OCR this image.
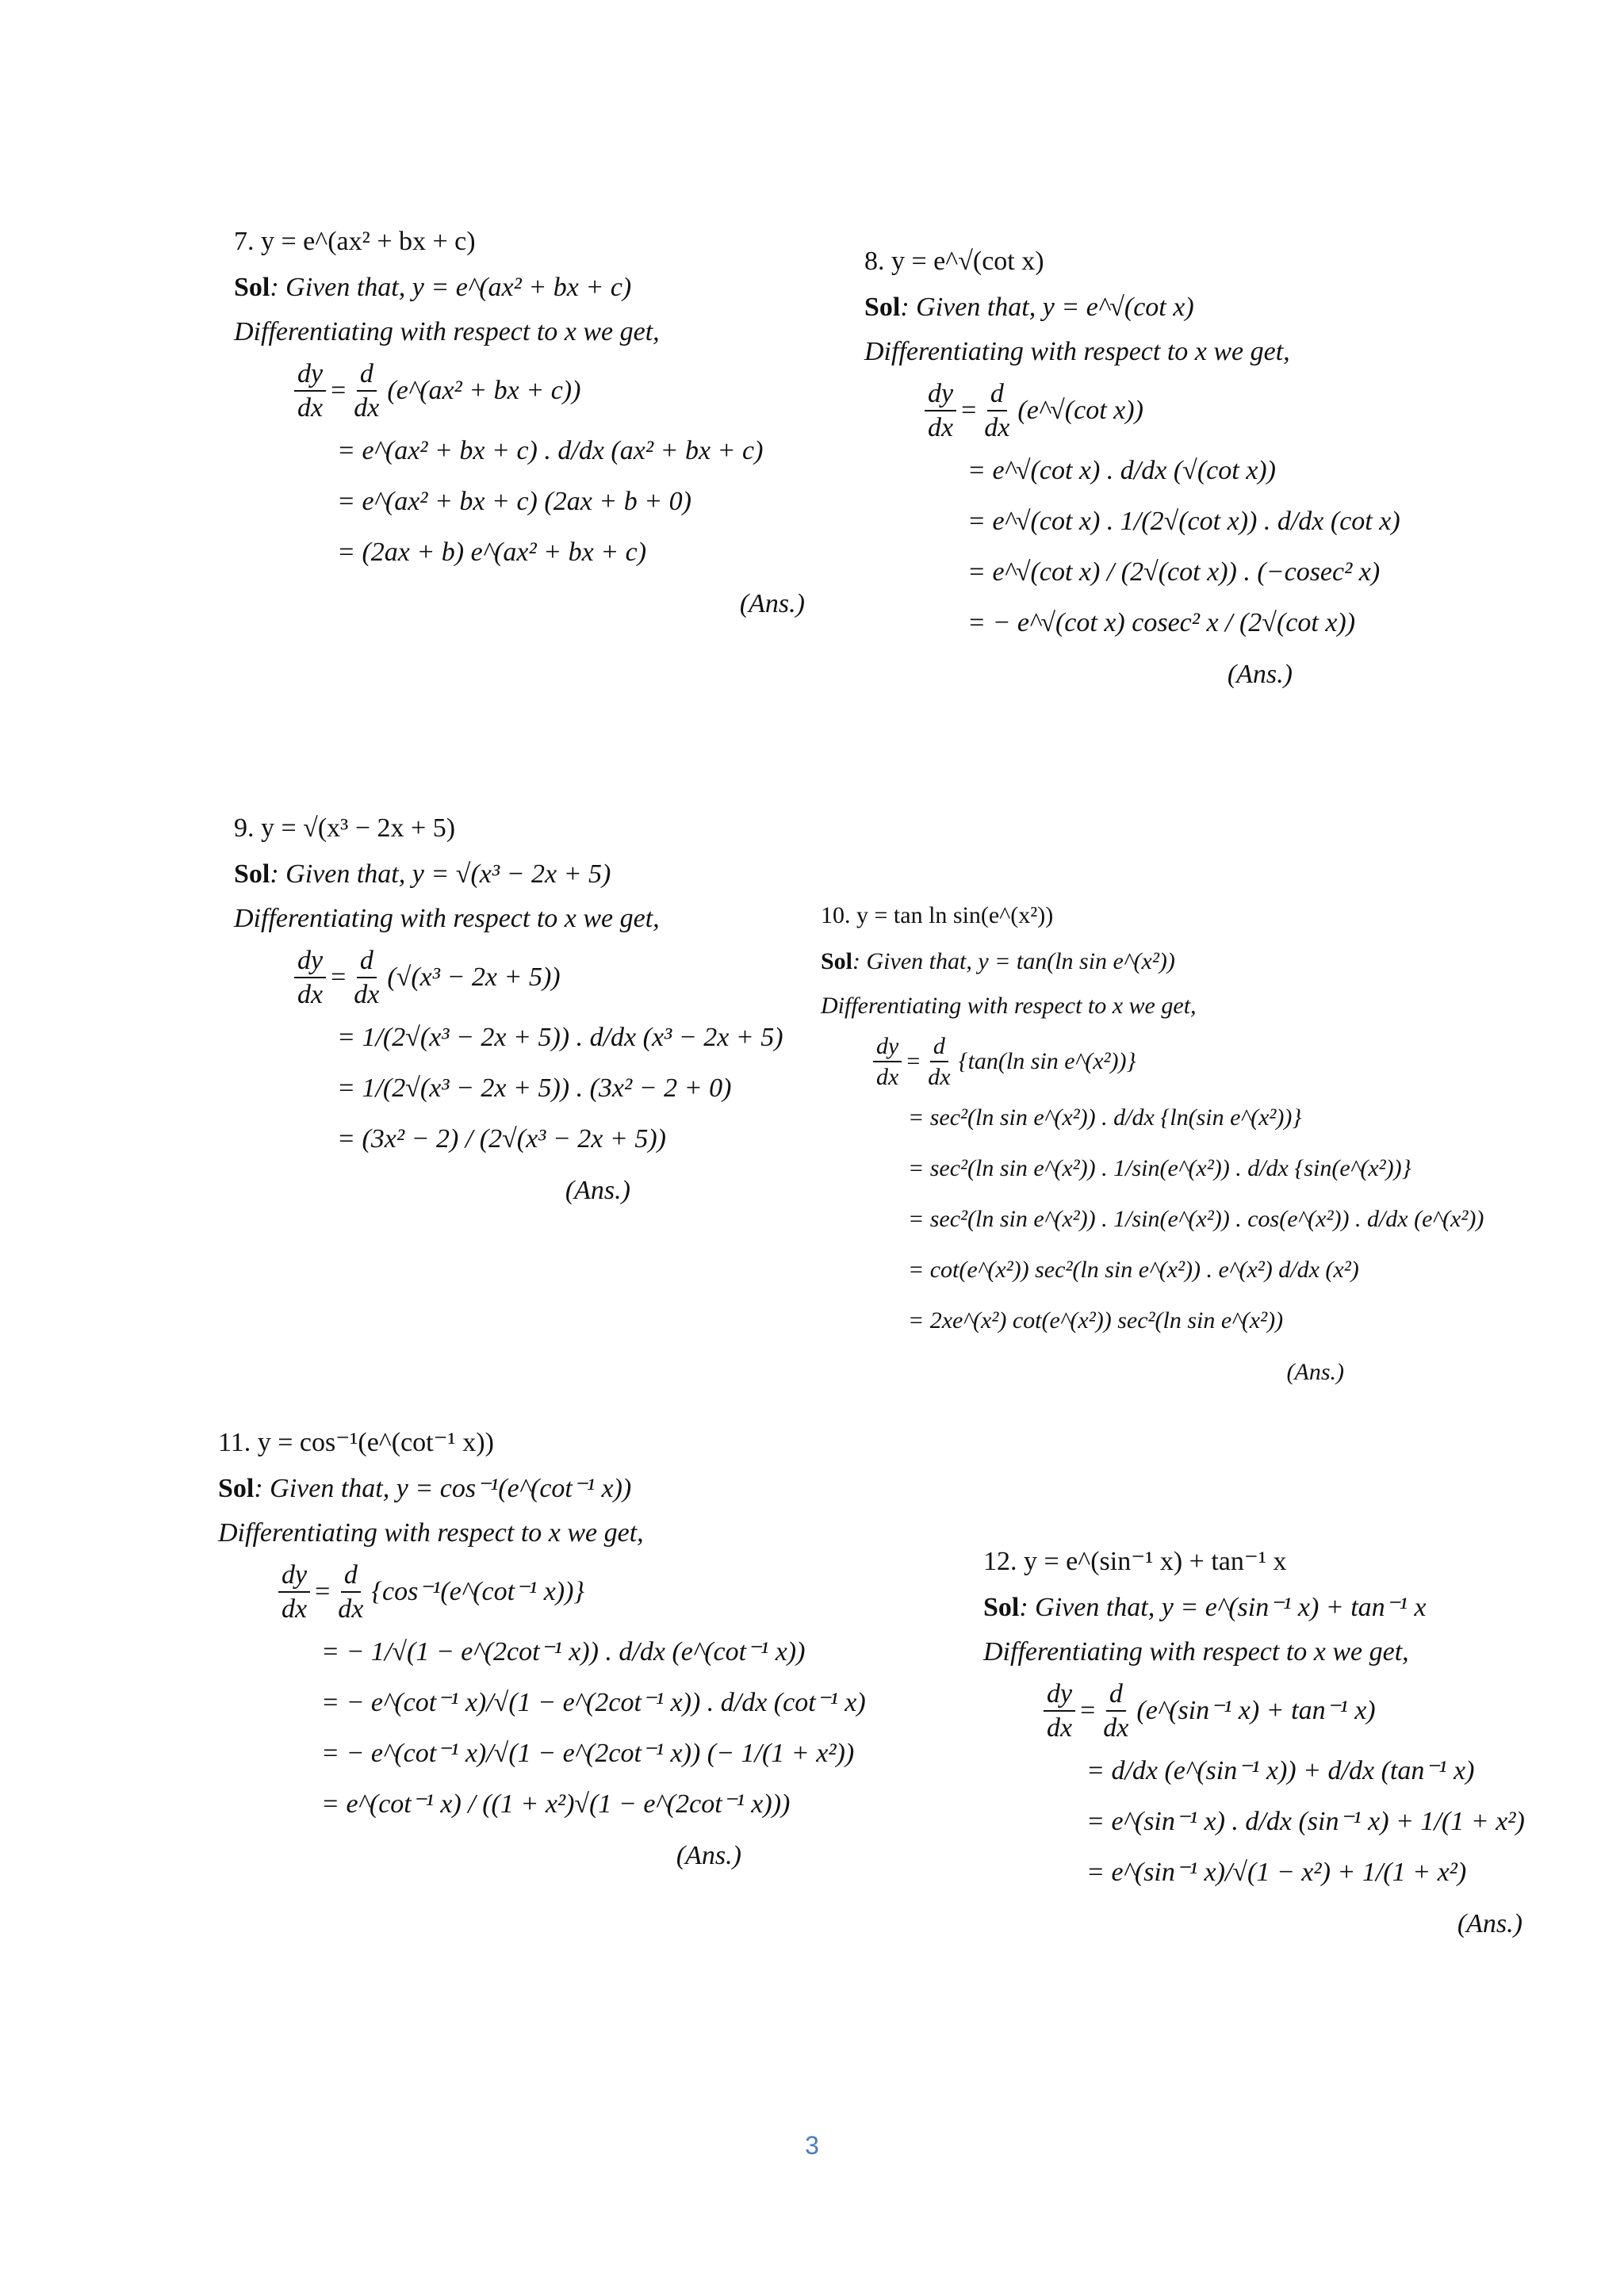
7. y = e^(ax² + bx + c)
Sol : Given that,
y = e^(ax² + bx + c)
Differentiating with respect to x we get,
$\frac{dy}{dx} = \frac{d}{dx}$ (e^(ax² + bx + c))
= e^(ax² + bx + c) . d/dx (ax² + bx + c)
= e^(ax² + bx + c) (2ax + b + 0)
= (2ax + b) e^(ax² + bx + c)
(Ans.)
8. y = e^√(cot x)
Sol : Given that,
y = e^√(cot x)
Differentiating with respect to x we get,
$\frac{dy}{dx} = \frac{d}{dx}$ (e^√(cot x))
= e^√(cot x) . d/dx (√(cot x))
= e^√(cot x) . 1/(2√(cot x)) . d/dx (cot x)
= e^√(cot x) / (2√(cot x)) . (−cosec² x)
= − e^√(cot x) cosec² x / (2√(cot x))
(Ans.)
9. y = √(x³ − 2x + 5)
Sol : Given that,
y = √(x³ − 2x + 5)
Differentiating with respect to x we get,
$\frac{dy}{dx} = \frac{d}{dx} (√(x^3 - 2x + 5))$
= 1/(2√(x³ − 2x + 5)) . d/dx (x³ − 2x + 5)
= 1/(2√(x³ − 2x + 5)) . (3x² − 2 + 0)
= (3x² − 2) / (2√(x³ − 2x + 5))
(Ans.)
10. y = tan ln sin(e^(x²))
Sol : Given that,
y = tan(ln sin e^(x²))
Differentiating with respect to x we get,
$\frac{dy}{dx} = \frac{d}{dx} \{\tan(\ln$ sin e^(x²))}
= sec²(ln sin e^(x²)) . d/dx {ln(sin e^(x²))}
= sec²(ln sin e^(x²)) . 1/sin(e^(x²)) . d/dx {sin(e^(x²))}
= sec²(ln sin e^(x²)) . 1/sin(e^(x²)) . cos(e^(x²)) . d/dx (e^(x²))
= cot(e^(x²)) sec²(ln sin e^(x²)) . e^(x²) d/dx (x²)
= 2xe^(x²) cot(e^(x²)) sec²(ln sin e^(x²))
(Ans.)
11. y = cos⁻¹(e^(cot⁻¹ x))
Sol : Given that,
y = cos⁻¹(e^(cot⁻¹ x))
Differentiating with respect to x we get,
$\frac{dy}{dx} = \frac{d}{dx}$ {cos⁻¹(e^(cot⁻¹ x))}
= − 1/√(1 − e^(2cot⁻¹ x)) . d/dx (e^(cot⁻¹ x))
= − e^(cot⁻¹ x)/√(1 − e^(2cot⁻¹ x)) . d/dx (cot⁻¹ x)
= − e^(cot⁻¹ x)/√(1 − e^(2cot⁻¹ x)) (− 1/(1 + x²))
= e^(cot⁻¹ x) / ((1 + x²)√(1 − e^(2cot⁻¹ x)))
(Ans.)
12. y = e^(sin⁻¹ x) + tan⁻¹ x
Sol : Given that,
y = e^(sin⁻¹ x) + tan⁻¹ x
Differentiating with respect to x we get,
$\frac{dy}{dx} = \frac{d}{dx}$ (e^(sin⁻¹ x) + tan⁻¹ x)
= d/dx (e^(sin⁻¹ x)) + d/dx (tan⁻¹ x)
= e^(sin⁻¹ x) . d/dx (sin⁻¹ x) + 1/(1 + x²)
= e^(sin⁻¹ x)/√(1 − x²) + 1/(1 + x²)
(Ans.)
3
